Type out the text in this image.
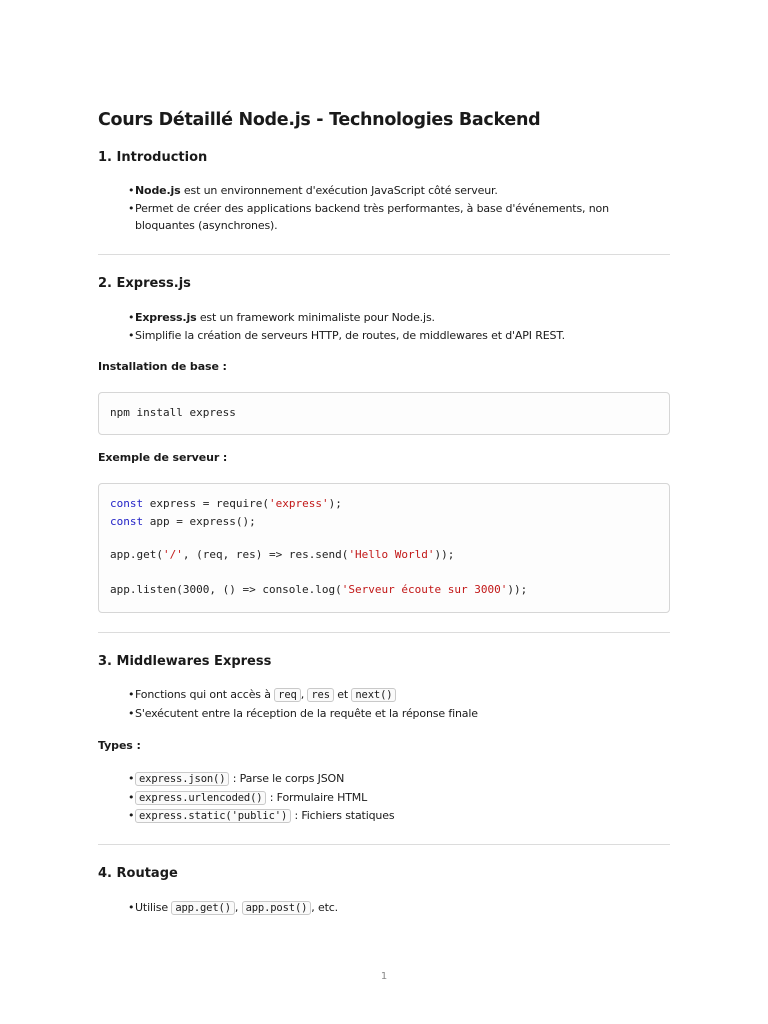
Cours Détaillé Node.js - Technologies Backend
1. Introduction
• Node.js est un environnement d'exécution JavaScript côté serveur.
• Permet de créer des applications backend très performantes, à base d'événements, non bloquantes (asynchrones).
2. Express.js
• Express.js est un framework minimaliste pour Node.js.
• Simplifie la création de serveurs HTTP, de routes, de middlewares et d'API REST.
Installation de base :
npm install express
Exemple de serveur :
const express = require('express');
const app = express();
app.get('/', (req, res) => res.send('Hello World'));
app.listen(3000, () => console.log('Serveur écoute sur 3000'));
3. Middlewares Express
• Fonctions qui ont accès à req , res et next()
• S'exécutent entre la réception de la requête et la réponse finale
Types :
• express.json() : Parse le corps JSON
• express.urlencoded() : Formulaire HTML
• express.static('public') : Fichiers statiques
4. Routage
• Utilise app.get() , app.post() , etc.
1
